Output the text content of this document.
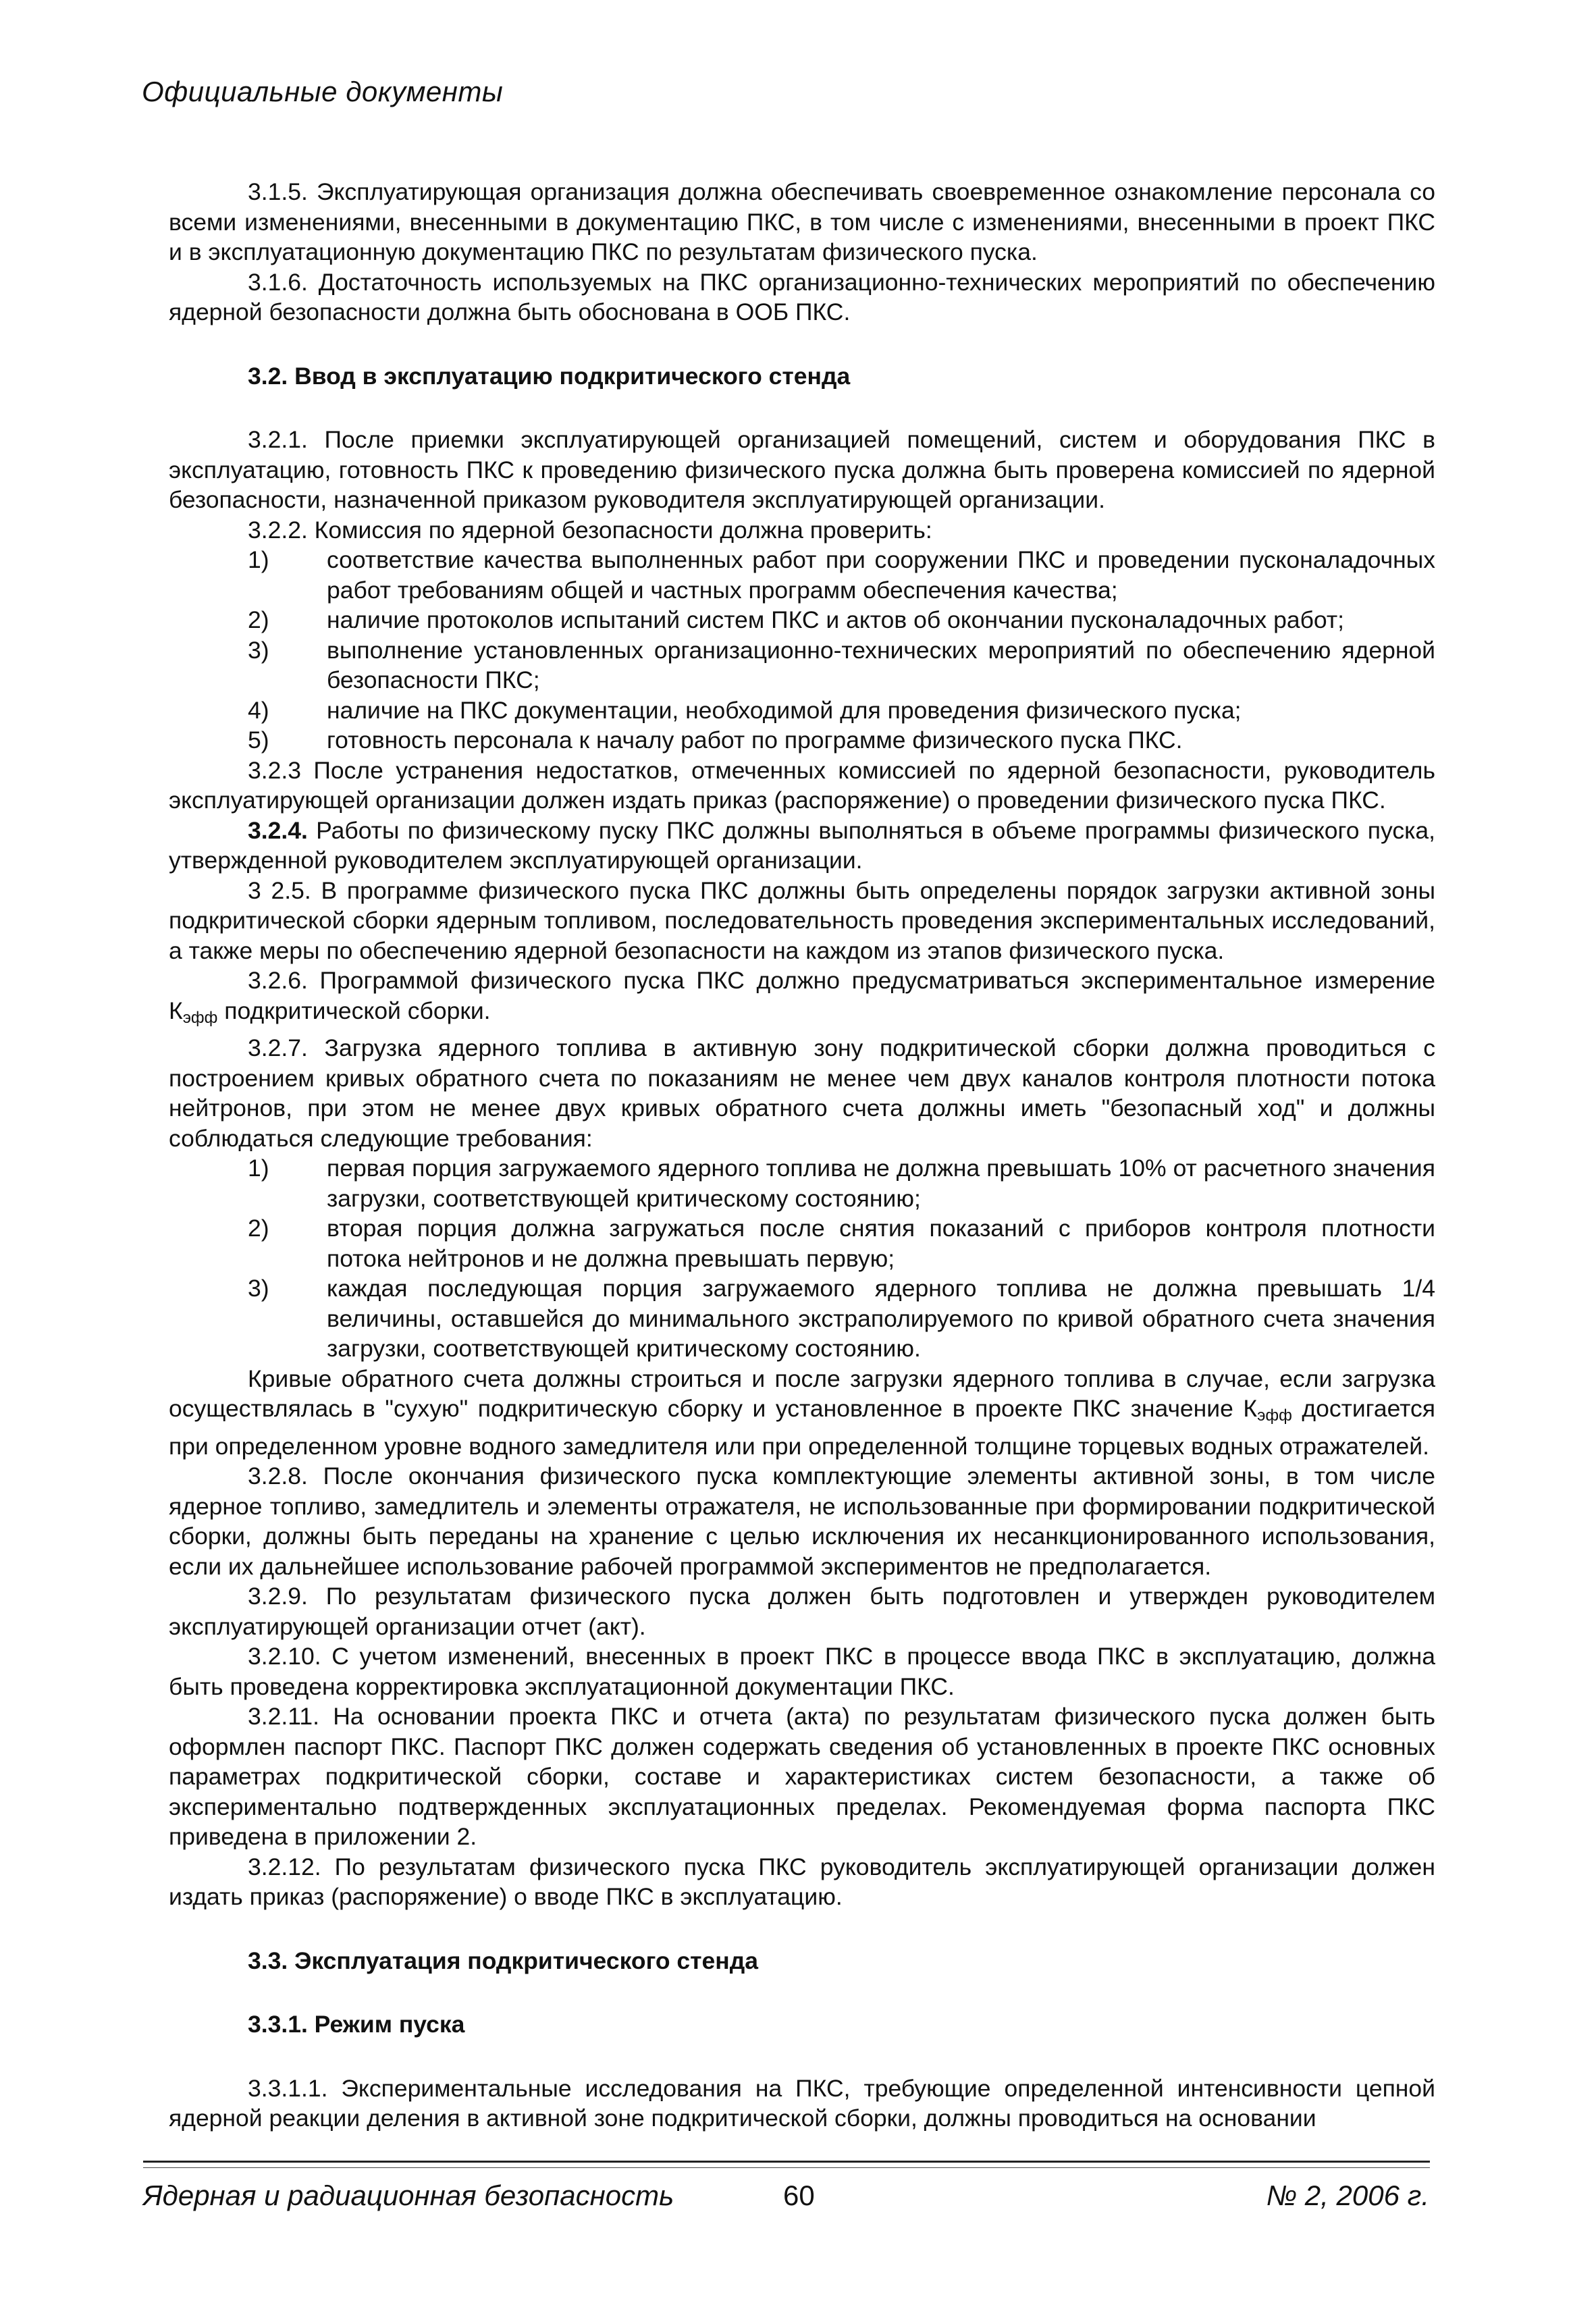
Официальные документы

3.1.5. Эксплуатирующая организация должна обеспечивать своевременное ознакомление персонала со всеми изменениями, внесенными в документацию ПКС, в том числе с изменениями, внесенными в проект ПКС и в эксплуатационную документацию ПКС по результатам физического пуска.

3.1.6. Достаточность используемых на ПКС организационно-технических мероприятий по обеспечению ядерной безопасности должна быть обоснована в ООБ ПКС.

3.2. Ввод в эксплуатацию подкритического стенда

3.2.1. После приемки эксплуатирующей организацией помещений, систем и оборудования ПКС в эксплуатацию, готовность ПКС к проведению физического пуска должна быть проверена комиссией по ядерной безопасности, назначенной приказом руководителя эксплуатирующей организации.

3.2.2. Комиссия по ядерной безопасности должна проверить:

1) соответствие качества выполненных работ при сооружении ПКС и проведении пусконаладочных работ требованиям общей и частных программ обеспечения качества;
2) наличие протоколов испытаний систем ПКС и актов об окончании пусконаладочных работ;
3) выполнение установленных организационно-технических мероприятий по обеспечению ядерной безопасности ПКС;
4) наличие на ПКС документации, необходимой для проведения физического пуска;
5) готовность персонала к началу работ по программе физического пуска ПКС.

3.2.3 После устранения недостатков, отмеченных комиссией по ядерной безопасности, руководитель эксплуатирующей организации должен издать приказ (распоряжение) о проведении физического пуска ПКС.

3.2.4. Работы по физическому пуску ПКС должны выполняться в объеме программы физического пуска, утвержденной руководителем эксплуатирующей организации.

3 2.5. В программе физического пуска ПКС должны быть определены порядок загрузки активной зоны подкритической сборки ядерным топливом, последовательность проведения экспериментальных исследований, а также меры по обеспечению ядерной безопасности на каждом из этапов физического пуска.

3.2.6. Программой физического пуска ПКС должно предусматриваться экспериментальное измерение $К_{эфф}$ подкритической сборки.

3.2.7. Загрузка ядерного топлива в активную зону подкритической сборки должна проводиться с построением кривых обратного счета по показаниям не менее чем двух каналов контроля плотности потока нейтронов, при этом не менее двух кривых обратного счета должны иметь "безопасный ход" и должны соблюдаться следующие требования:

1) первая порция загружаемого ядерного топлива не должна превышать 10% от расчетного значения загрузки, соответствующей критическому состоянию;
2) вторая порция должна загружаться после снятия показаний с приборов контроля плотности потока нейтронов и не должна превышать первую;
3) каждая последующая порция загружаемого ядерного топлива не должна превышать 1/4 величины, оставшейся до минимального экстраполируемого по кривой обратного счета значения загрузки, соответствующей критическому состоянию.

Кривые обратного счета должны строиться и после загрузки ядерного топлива в случае, если загрузка осуществлялась в "сухую" подкритическую сборку и установленное в проекте ПКС значение $К_{эфф}$ достигается при определенном уровне водного замедлителя или при определенной толщине торцевых водных отражателей.

3.2.8. После окончания физического пуска комплектующие элементы активной зоны, в том числе ядерное топливо, замедлитель и элементы отражателя, не использованные при формировании подкритической сборки, должны быть переданы на хранение с целью исключения их несанкционированного использования, если их дальнейшее использование рабочей программой экспериментов не предполагается.

3.2.9. По результатам физического пуска должен быть подготовлен и утвержден руководителем эксплуатирующей организации отчет (акт).

3.2.10. С учетом изменений, внесенных в проект ПКС в процессе ввода ПКС в эксплуатацию, должна быть проведена корректировка эксплуатационной документации ПКС.

3.2.11. На основании проекта ПКС и отчета (акта) по результатам физического пуска должен быть оформлен паспорт ПКС. Паспорт ПКС должен содержать сведения об установленных в проекте ПКС основных параметрах подкритической сборки, составе и характеристиках систем безопасности, а также об экспериментально подтвержденных эксплуатационных пределах. Рекомендуемая форма паспорта ПКС приведена в приложении 2.

3.2.12. По результатам физического пуска ПКС руководитель эксплуатирующей организации должен издать приказ (распоряжение) о вводе ПКС в эксплуатацию.

3.3. Эксплуатация подкритического стенда

3.3.1. Режим пуска

3.3.1.1. Экспериментальные исследования на ПКС, требующие определенной интенсивности цепной ядерной реакции деления в активной зоне подкритической сборки, должны проводиться на основании

Ядерная и радиационная безопасность	60	№ 2, 2006 г.
